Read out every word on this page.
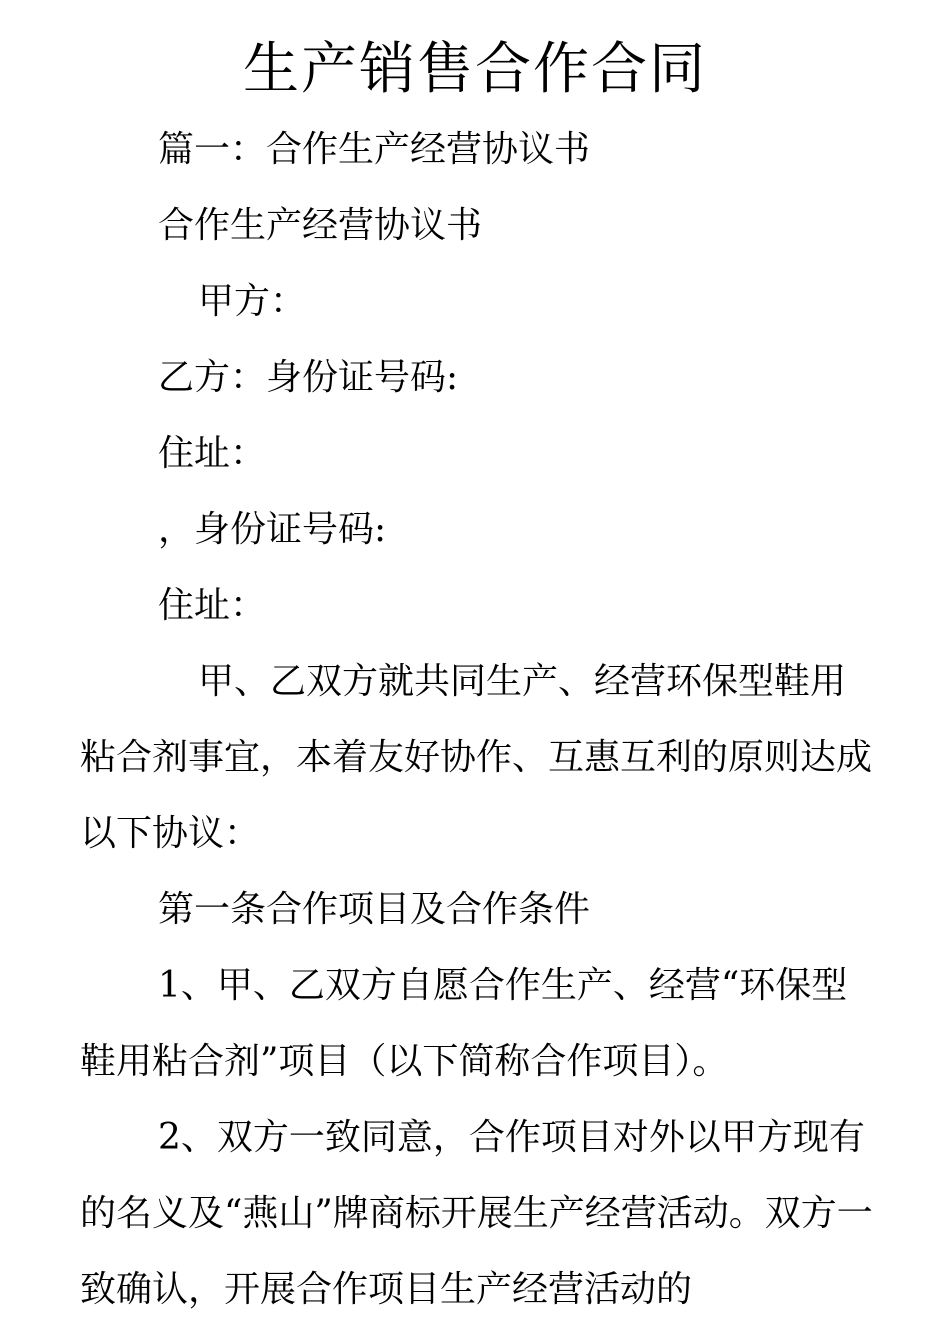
生产销售合作合同

篇一：合作生产经营协议书

合作生产经营协议书

甲方：

乙方：身份证号码:

住址：

，身份证号码:

住址：

甲、乙双方就共同生产、经营环保型鞋用粘合剂事宜，本着友好协作、互惠互利的原则达成以下协议：

第一条合作项目及合作条件

1、甲、乙双方自愿合作生产、经营“环保型鞋用粘合剂”项目（以下简称合作项目）。

2、双方一致同意，合作项目对外以甲方现有的名义及“燕山”牌商标开展生产经营活动。双方一致确认，开展合作项目生产经营活动的
